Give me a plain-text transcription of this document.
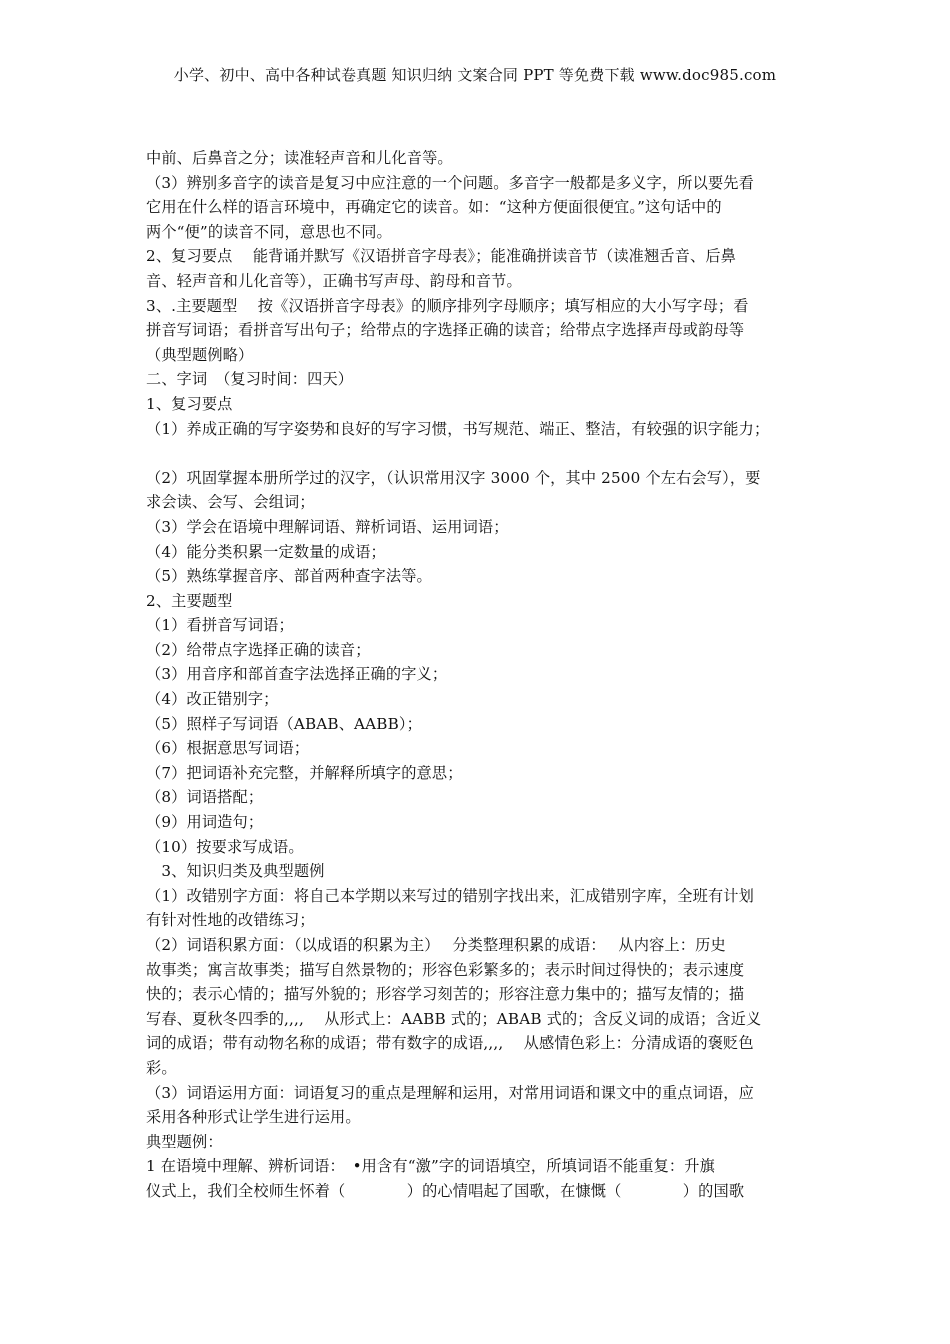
小学、初中、高中各种试卷真题 知识归纳 文案合同 PPT 等免费下载 www.doc985.com
中前、后鼻音之分；读准轻声音和儿化音等。
（3）辨别多音字的读音是复习中应注意的一个问题。多音字一般都是多义字，所以要先看
它用在什么样的语言环境中，再确定它的读音。如：“这种方便面很便宜。”这句话中的
两个“便”的读音不同，意思也不同。
2、复习要点　 能背诵并默写《汉语拼音字母表》；能准确拼读音节（读准翘舌音、后鼻
音、轻声音和儿化音等），正确书写声母、韵母和音节。
3、.主要题型　 按《汉语拼音字母表》的顺序排列字母顺序；填写相应的大小写字母；看
拼音写词语；看拼音写出句子；给带点的字选择正确的读音；给带点字选择声母或韵母等
（典型题例略）
二、字词　（复习时间：四天）
1、复习要点
（1）养成正确的写字姿势和良好的写字习惯，书写规范、端正、整洁，有较强的识字能力；
（2）巩固掌握本册所学过的汉字，（认识常用汉字 3000 个，其中 2500 个左右会写），要
求会读、会写、会组词；
（3）学会在语境中理解词语、辩析词语、运用词语；
（4）能分类积累一定数量的成语；
（5）熟练掌握音序、部首两种查字法等。
2、主要题型
（1）看拼音写词语；
（2）给带点字选择正确的读音；
（3）用音序和部首查字法选择正确的字义；
（4）改正错别字；
（5）照样子写词语（ABAB、AABB）；
（6）根据意思写词语；
（7）把词语补充完整，并解释所填字的意思；
（8）词语搭配；
（9）用词造句；
（10）按要求写成语。
　3、知识归类及典型题例
（1）改错别字方面：将自己本学期以来写过的错别字找出来，汇成错别字库，全班有计划
有针对性地的改错练习；
（2）词语积累方面：（以成语的积累为主）　 分类整理积累的成语：　 从内容上：历史
故事类；寓言故事类；描写自然景物的；形容色彩繁多的；表示时间过得快的；表示速度
快的；表示心情的；描写外貌的；形容学习刻苦的；形容注意力集中的；描写友情的；描
写春、夏秋冬四季的,,,,　 从形式上：AABB 式的；ABAB 式的；含反义词的成语；含近义
词的成语；带有动物名称的成语；带有数字的成语,,,,　 从感情色彩上：分清成语的褒贬色
彩。
（3）词语运用方面：词语复习的重点是理解和运用，对常用词语和课文中的重点词语，应
采用各种形式让学生进行运用。
典型题例：
1 在语境中理解、辨析词语：　•用含有“激”字的词语填空，所填词语不能重复：升旗
仪式上，我们全校师生怀着（　　　　）的心情唱起了国歌，在慷慨（　　　　）的国歌
